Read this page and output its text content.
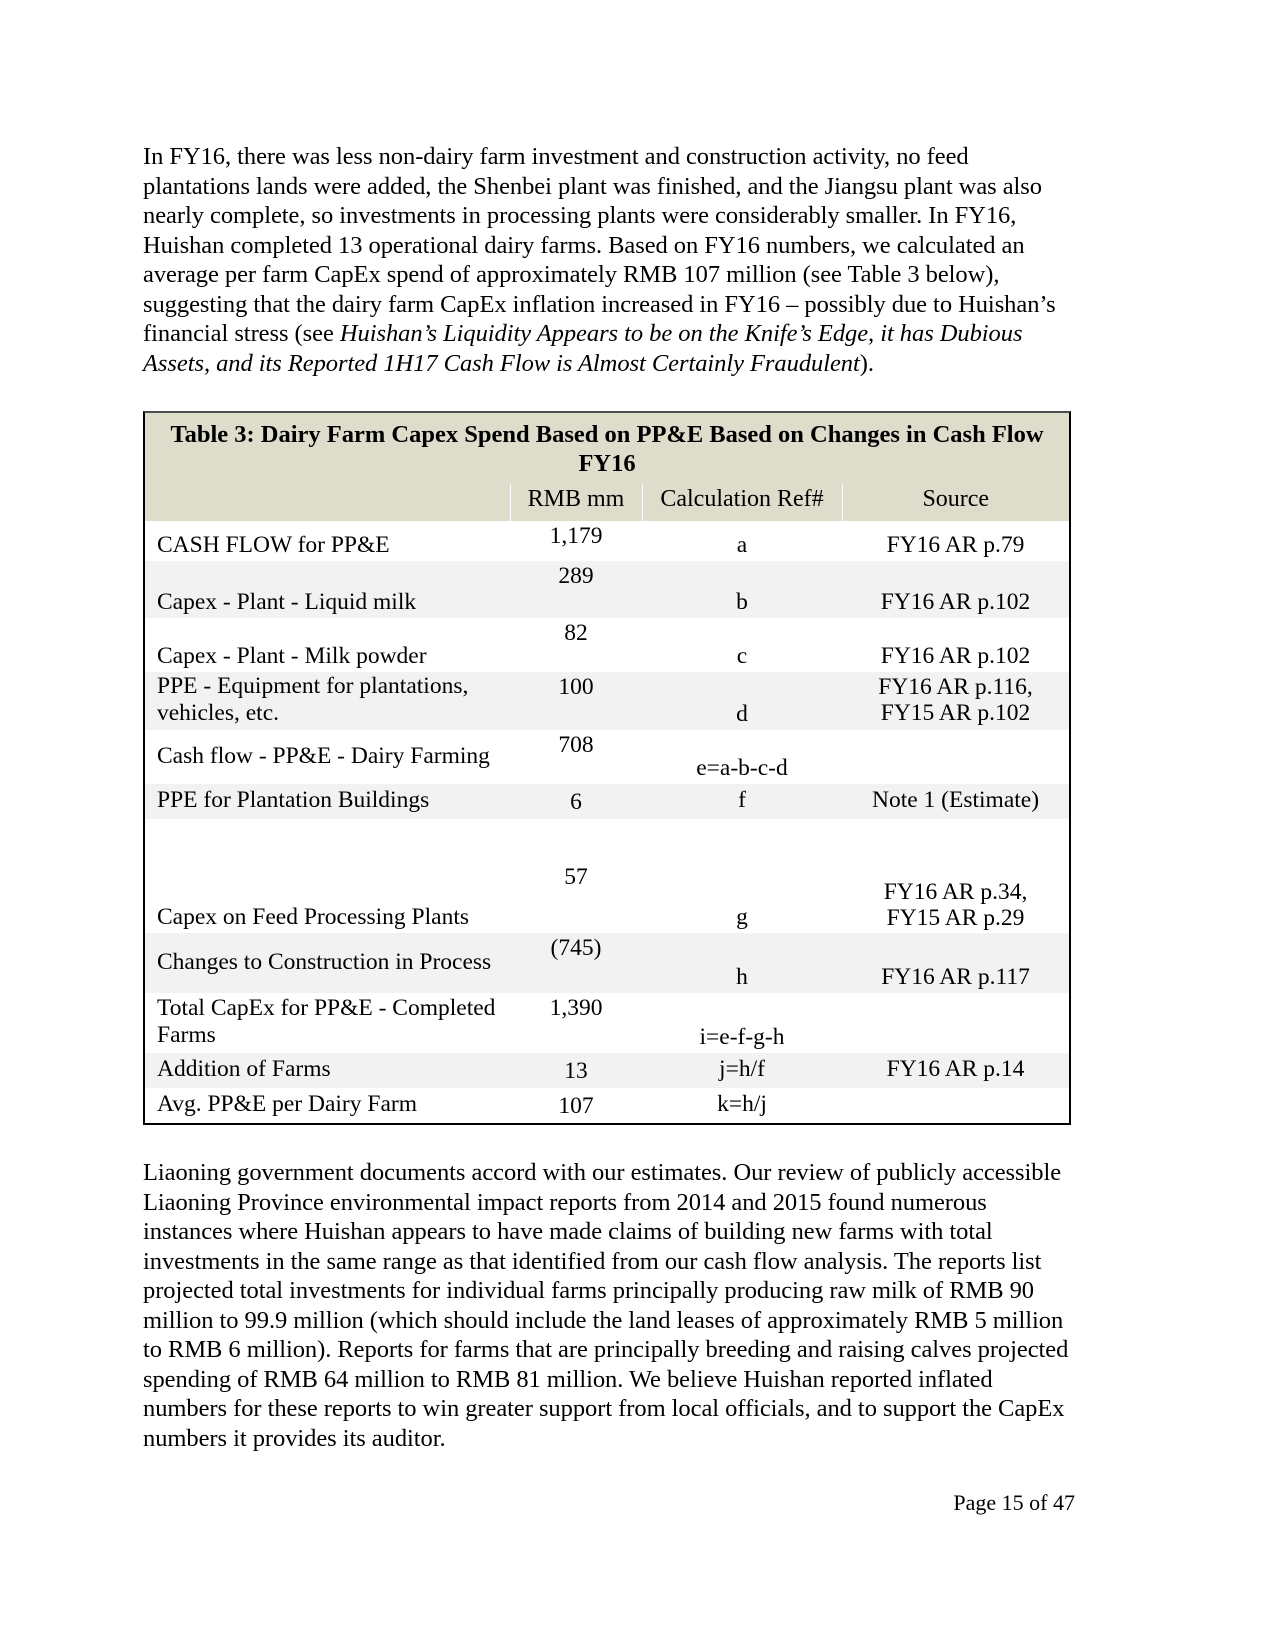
In FY16, there was less non-dairy farm investment and construction activity, no feed plantations lands were added, the Shenbei plant was finished, and the Jiangsu plant was also nearly complete, so investments in processing plants were considerably smaller. In FY16, Huishan completed 13 operational dairy farms. Based on FY16 numbers, we calculated an average per farm CapEx spend of approximately RMB 107 million (see Table 3 below), suggesting that the dairy farm CapEx inflation increased in FY16 – possibly due to Huishan’s financial stress (see Huishan’s Liquidity Appears to be on the Knife’s Edge, it has Dubious Assets, and its Reported 1H17 Cash Flow is Almost Certainly Fraudulent).

Table 3: Dairy Farm Capex Spend Based on PP&E Based on Changes in Cash Flow
FY16			
	RMB mm	Calculation Ref#	Source
CASH FLOW for PP&E	1,179	a	FY16 AR p.79
Capex - Plant - Liquid milk	289	b	FY16 AR p.102
Capex - Plant - Milk powder	82	c	FY16 AR p.102
PPE - Equipment for plantations, vehicles, etc.	100	d	FY16 AR p.116,
FY15 AR p.102

Cash flow - PP&E - Dairy Farming	708	e=a-b-c-d	
PPE for Plantation Buildings	6	f	Note 1 (Estimate)
Capex on Feed Processing Plants	57	g	FY16 AR p.34,
FY15 AR p.29

Changes to Construction in Process	(745)	h	FY16 AR p.117
Total CapEx for PP&E - Completed Farms	1,390	i=e-f-g-h	
Addition of Farms	13	j=h/f	FY16 AR p.14
Avg. PP&E per Dairy Farm	107	k=h/j	

Liaoning government documents accord with our estimates. Our review of publicly accessible Liaoning Province environmental impact reports from 2014 and 2015 found numerous instances where Huishan appears to have made claims of building new farms with total investments in the same range as that identified from our cash flow analysis. The reports list projected total investments for individual farms principally producing raw milk of RMB 90 million to 99.9 million (which should include the land leases of approximately RMB 5 million to RMB 6 million). Reports for farms that are principally breeding and raising calves projected spending of RMB 64 million to RMB 81 million. We believe Huishan reported inflated numbers for these reports to win greater support from local officials, and to support the CapEx numbers it provides its auditor.

Page 15 of 47
